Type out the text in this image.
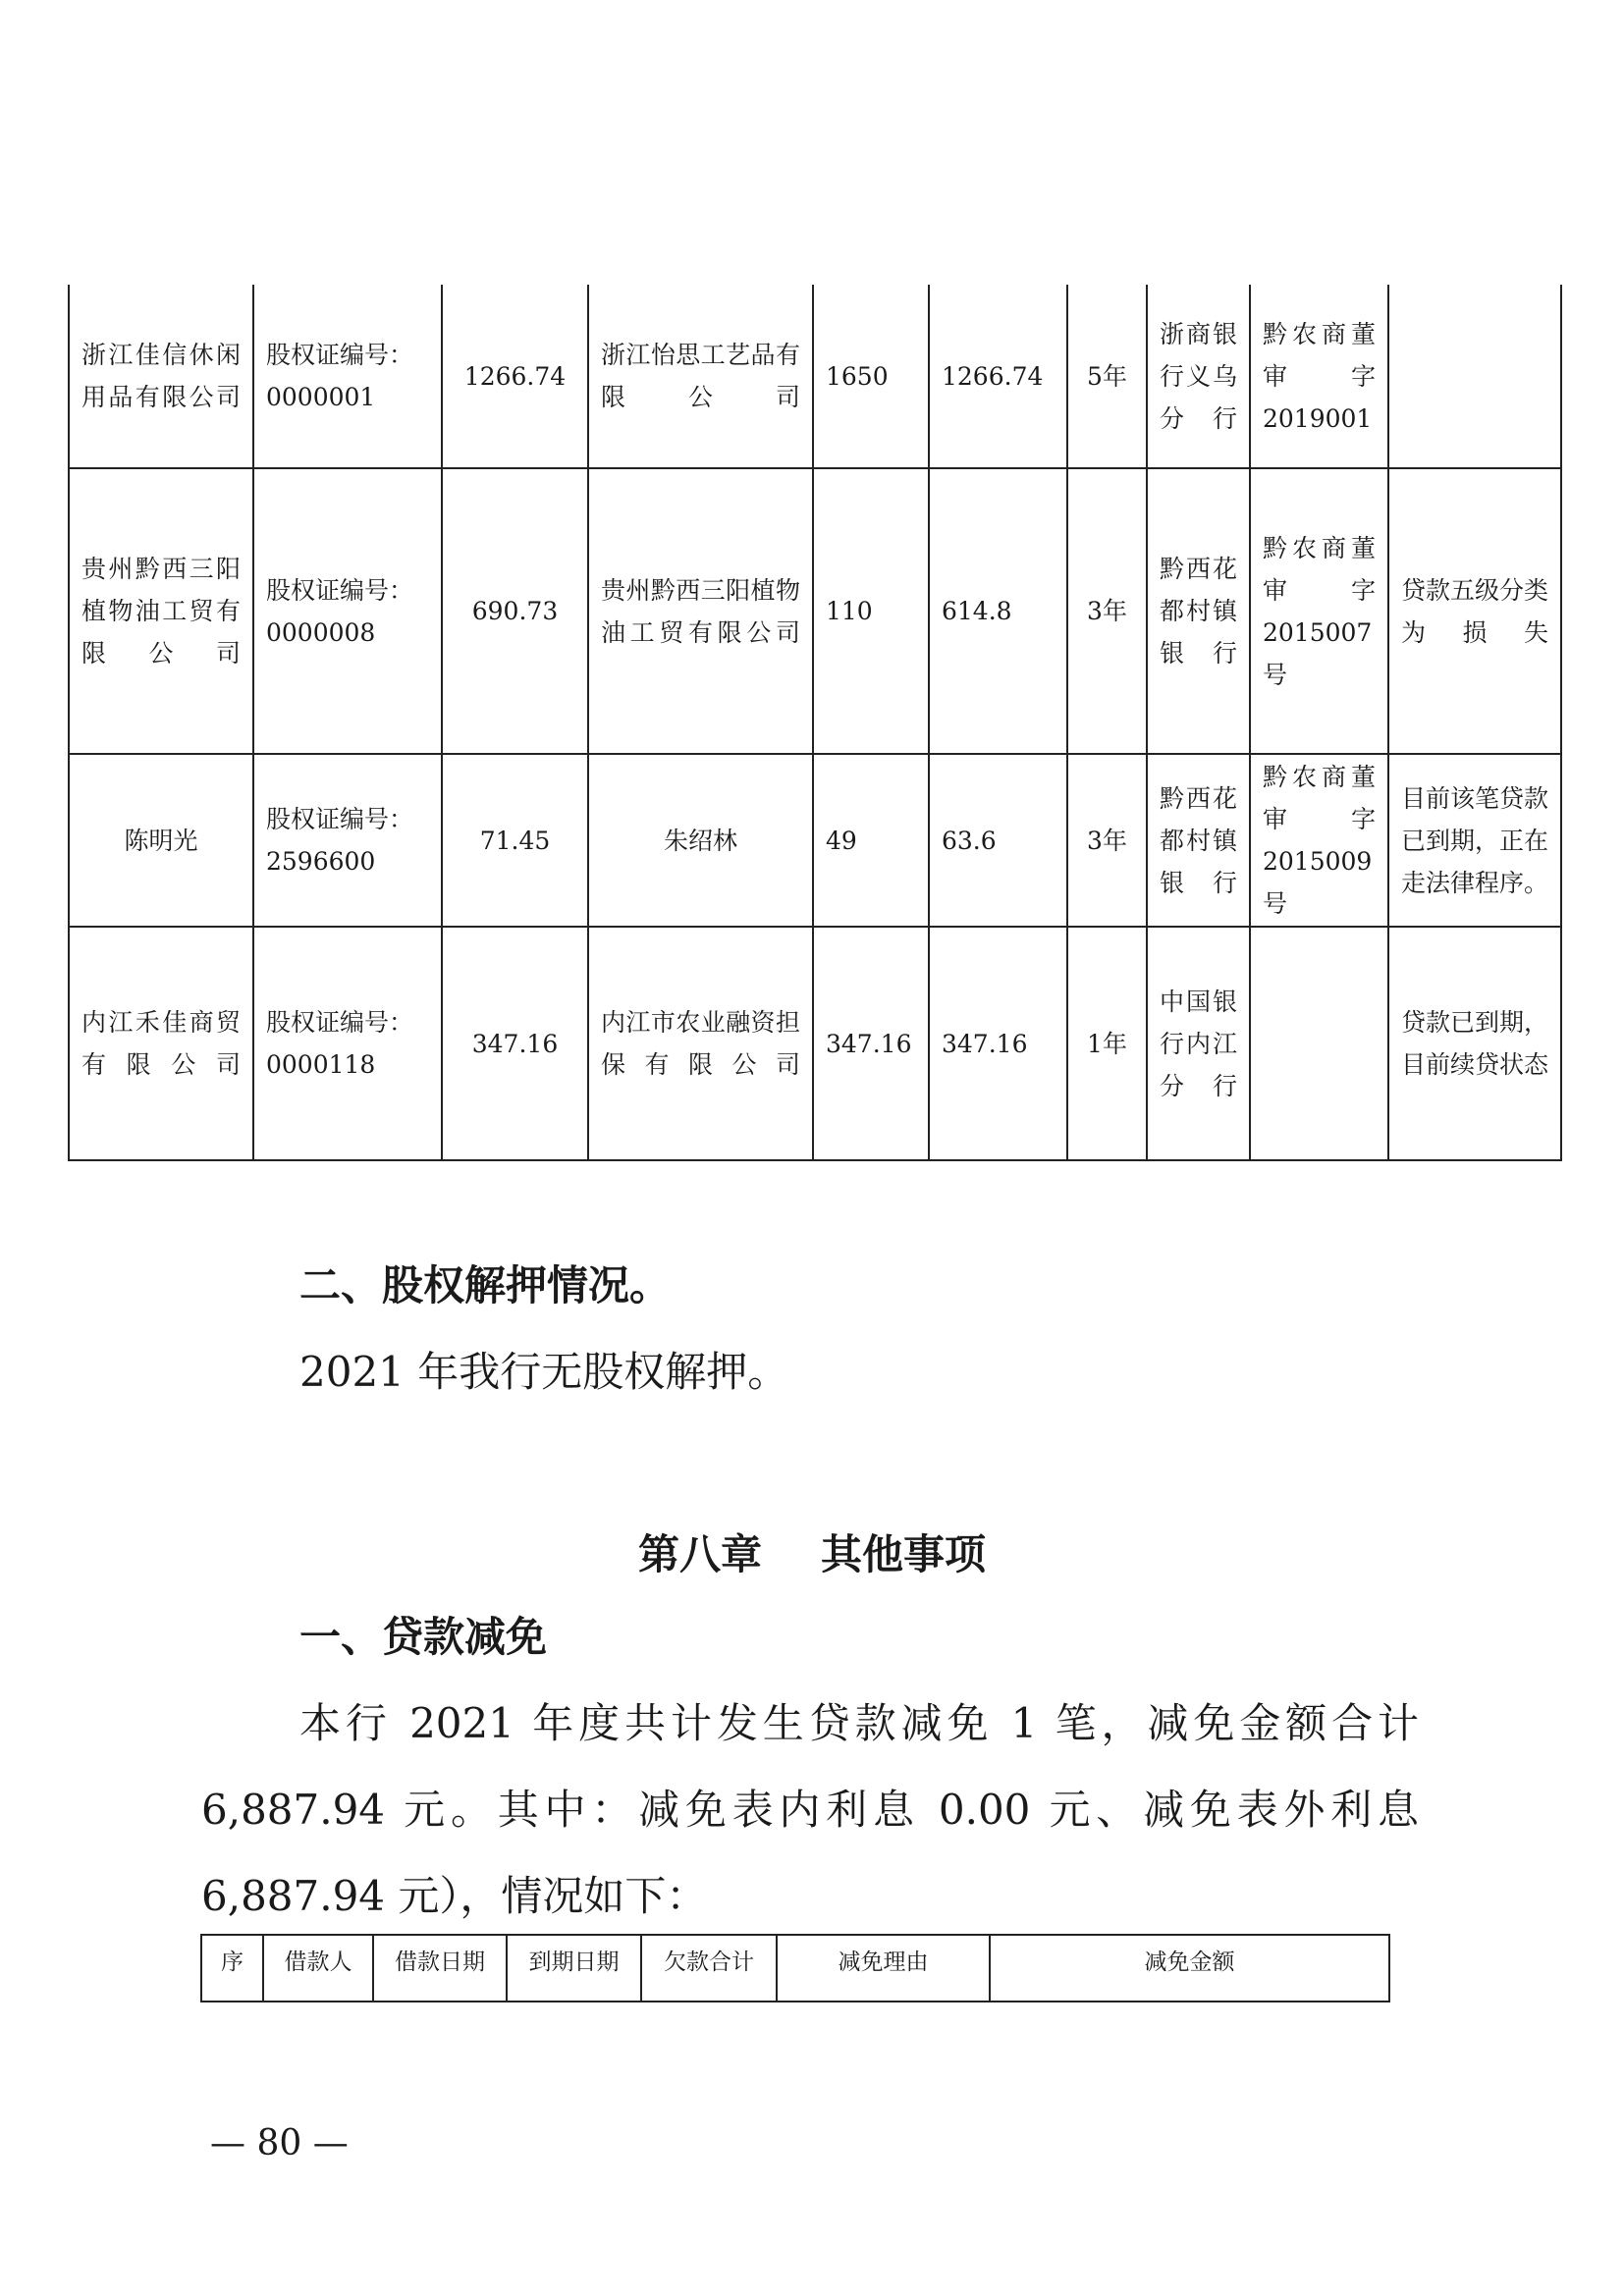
浙江佳信休闲用品有限公司	股权证编号：0000001	1266.74	浙江怡思工艺品有限公司	1650	1266.74	5年	浙商银行义乌分行	黔农商董审字2019001	
贵州黔西三阳植物油工贸有限公司	股权证编号：0000008	690.73	贵州黔西三阳植物油工贸有限公司	110	614.8	3年	黔西花都村镇银行	黔农商董审字2015007号	贷款五级分类为损失
陈明光	股权证编号：2596600	71.45	朱绍林	49	63.6	3年	黔西花都村镇银行	黔农商董审字2015009号	目前该笔贷款已到期，正在走法律程序。
内江禾佳商贸有限公司	股权证编号：0000118	347.16	内江市农业融资担保有限公司	347.16	347.16	1年	中国银行内江分行		贷款已到期，目前续贷状态
二、股权解押情况。
2021 年我行无股权解押。
第八章 其他事项
一、贷款减免
本行 2021 年度共计发生贷款减免 1 笔，减免金额合计
6,887.94 元。其中：减免表内利息 0.00 元、减免表外利息
6,887.94 元），情况如下：
序	借款人	借款日期	到期日期	欠款合计	减免理由	减免金额
— 80 —
